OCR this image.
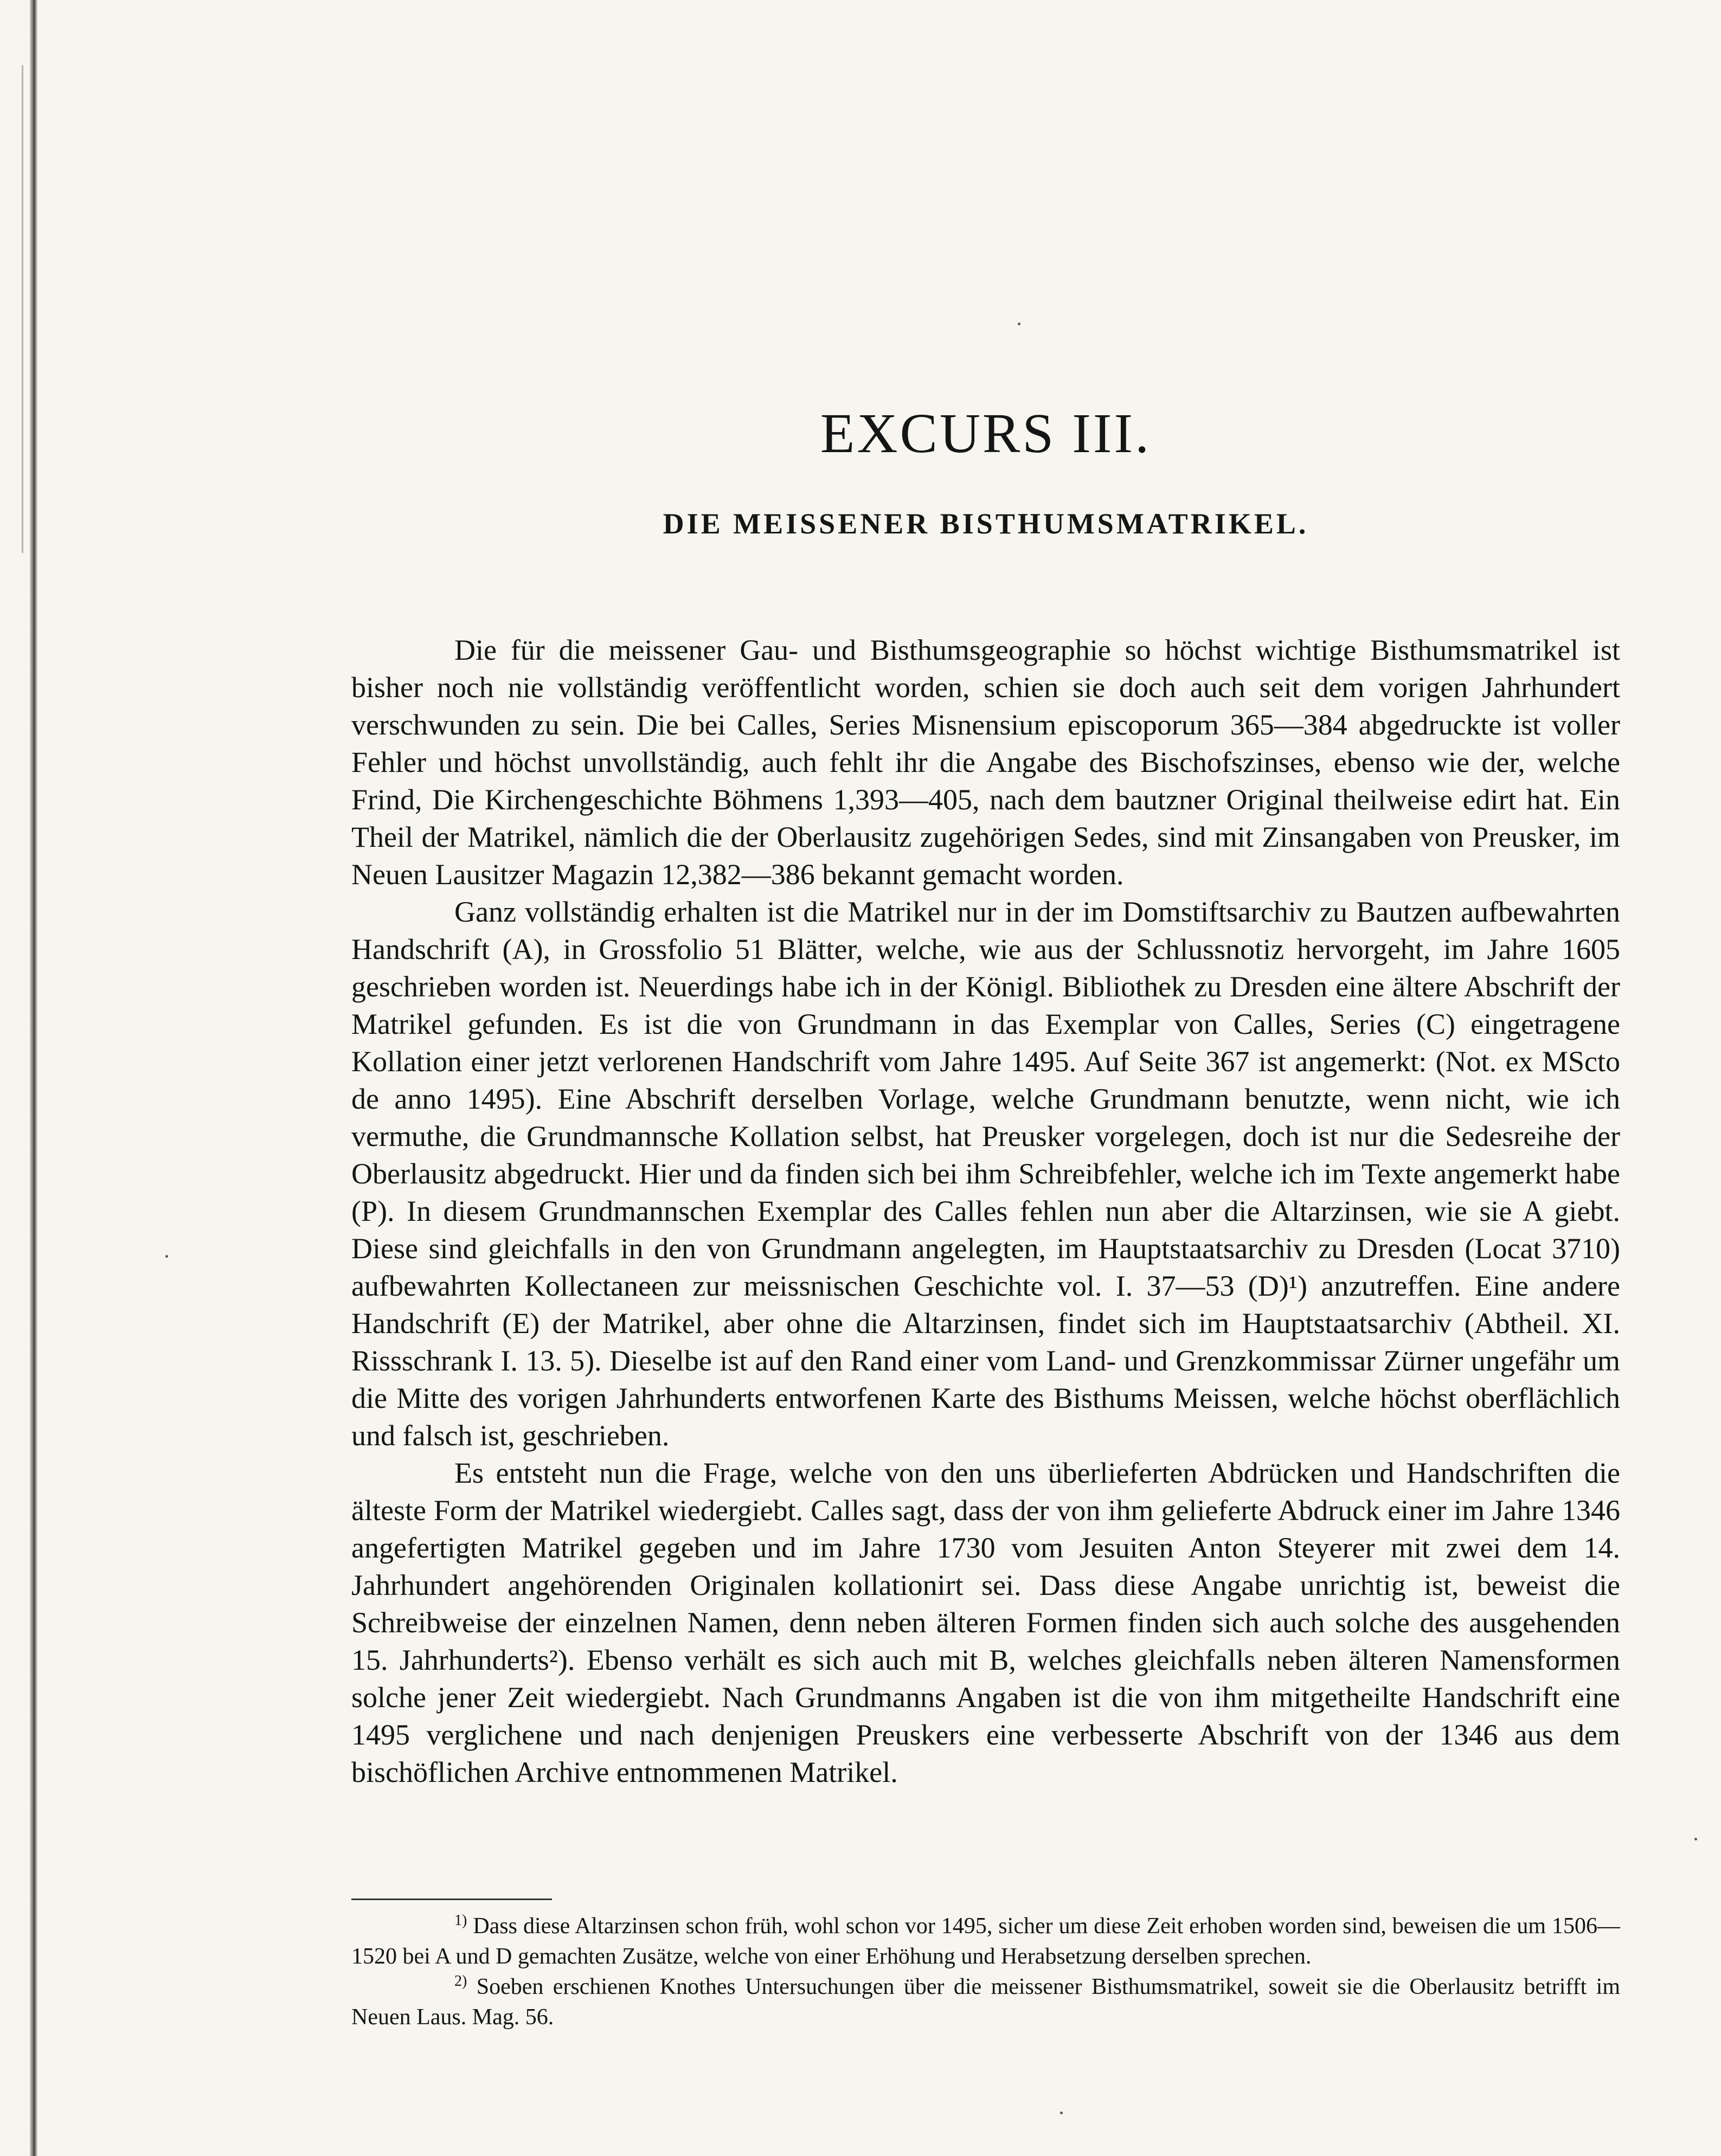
EXCURS III.
DIE MEISSENER BISTHUMSMATRIKEL.

Die für die meissener Gau- und Bisthumsgeographie so höchst wichtige Bisthumsmatrikel ist bisher noch nie vollständig veröffentlicht worden, schien sie doch auch seit dem vorigen Jahrhundert verschwunden zu sein. Die bei Calles, Series Misnensium episcoporum 365—384 abgedruckte ist voller Fehler und höchst unvollständig, auch fehlt ihr die Angabe des Bischofszinses, ebenso wie der, welche Frind, Die Kirchengeschichte Böhmens 1,393—405, nach dem bautzner Original theilweise edirt hat. Ein Theil der Matrikel, nämlich die der Oberlausitz zugehörigen Sedes, sind mit Zinsangaben von Preusker, im Neuen Lausitzer Magazin 12,382—386 bekannt gemacht worden.

Ganz vollständig erhalten ist die Matrikel nur in der im Domstiftsarchiv zu Bautzen aufbewahrten Handschrift (A), in Grossfolio 51 Blätter, welche, wie aus der Schlussnotiz hervorgeht, im Jahre 1605 geschrieben worden ist. Neuerdings habe ich in der Königl. Bibliothek zu Dresden eine ältere Abschrift der Matrikel gefunden. Es ist die von Grundmann in das Exemplar von Calles, Series (C) eingetragene Kollation einer jetzt verlorenen Handschrift vom Jahre 1495. Auf Seite 367 ist angemerkt: (Not. ex MScto de anno 1495). Eine Abschrift derselben Vorlage, welche Grundmann benutzte, wenn nicht, wie ich vermuthe, die Grundmannsche Kollation selbst, hat Preusker vorgelegen, doch ist nur die Sedesreihe der Oberlausitz abgedruckt. Hier und da finden sich bei ihm Schreibfehler, welche ich im Texte angemerkt habe (P). In diesem Grundmannschen Exemplar des Calles fehlen nun aber die Altarzinsen, wie sie A giebt. Diese sind gleichfalls in den von Grundmann angelegten, im Hauptstaatsarchiv zu Dresden (Locat 3710) aufbewahrten Kollectaneen zur meissnischen Geschichte vol. I. 37—53 (D)¹) anzutreffen. Eine andere Handschrift (E) der Matrikel, aber ohne die Altarzinsen, findet sich im Hauptstaatsarchiv (Abtheil. XI. Rissschrank I. 13. 5). Dieselbe ist auf den Rand einer vom Land- und Grenzkommissar Zürner ungefähr um die Mitte des vorigen Jahrhunderts entworfenen Karte des Bisthums Meissen, welche höchst oberflächlich und falsch ist, geschrieben.

Es entsteht nun die Frage, welche von den uns überlieferten Abdrücken und Handschriften die älteste Form der Matrikel wiedergiebt. Calles sagt, dass der von ihm gelieferte Abdruck einer im Jahre 1346 angefertigten Matrikel gegeben und im Jahre 1730 vom Jesuiten Anton Steyerer mit zwei dem 14. Jahrhundert angehörenden Originalen kollationirt sei. Dass diese Angabe unrichtig ist, beweist die Schreibweise der einzelnen Namen, denn neben älteren Formen finden sich auch solche des ausgehenden 15. Jahrhunderts²). Ebenso verhält es sich auch mit B, welches gleichfalls neben älteren Namensformen solche jener Zeit wiedergiebt. Nach Grundmanns Angaben ist die von ihm mitgetheilte Handschrift eine 1495 verglichene und nach denjenigen Preuskers eine verbesserte Abschrift von der 1346 aus dem bischöflichen Archive entnommenen Matrikel.

$^{1)}$ Dass diese Altarzinsen schon früh, wohl schon vor 1495, sicher um diese Zeit erhoben worden sind, beweisen die um 1506—1520 bei A und D gemachten Zusätze, welche von einer Erhöhung und Herabsetzung derselben sprechen.

$^{2)}$ Soeben erschienen Knothes Untersuchungen über die meissener Bisthumsmatrikel, soweit sie die Oberlausitz betrifft im Neuen Laus. Mag. 56.
